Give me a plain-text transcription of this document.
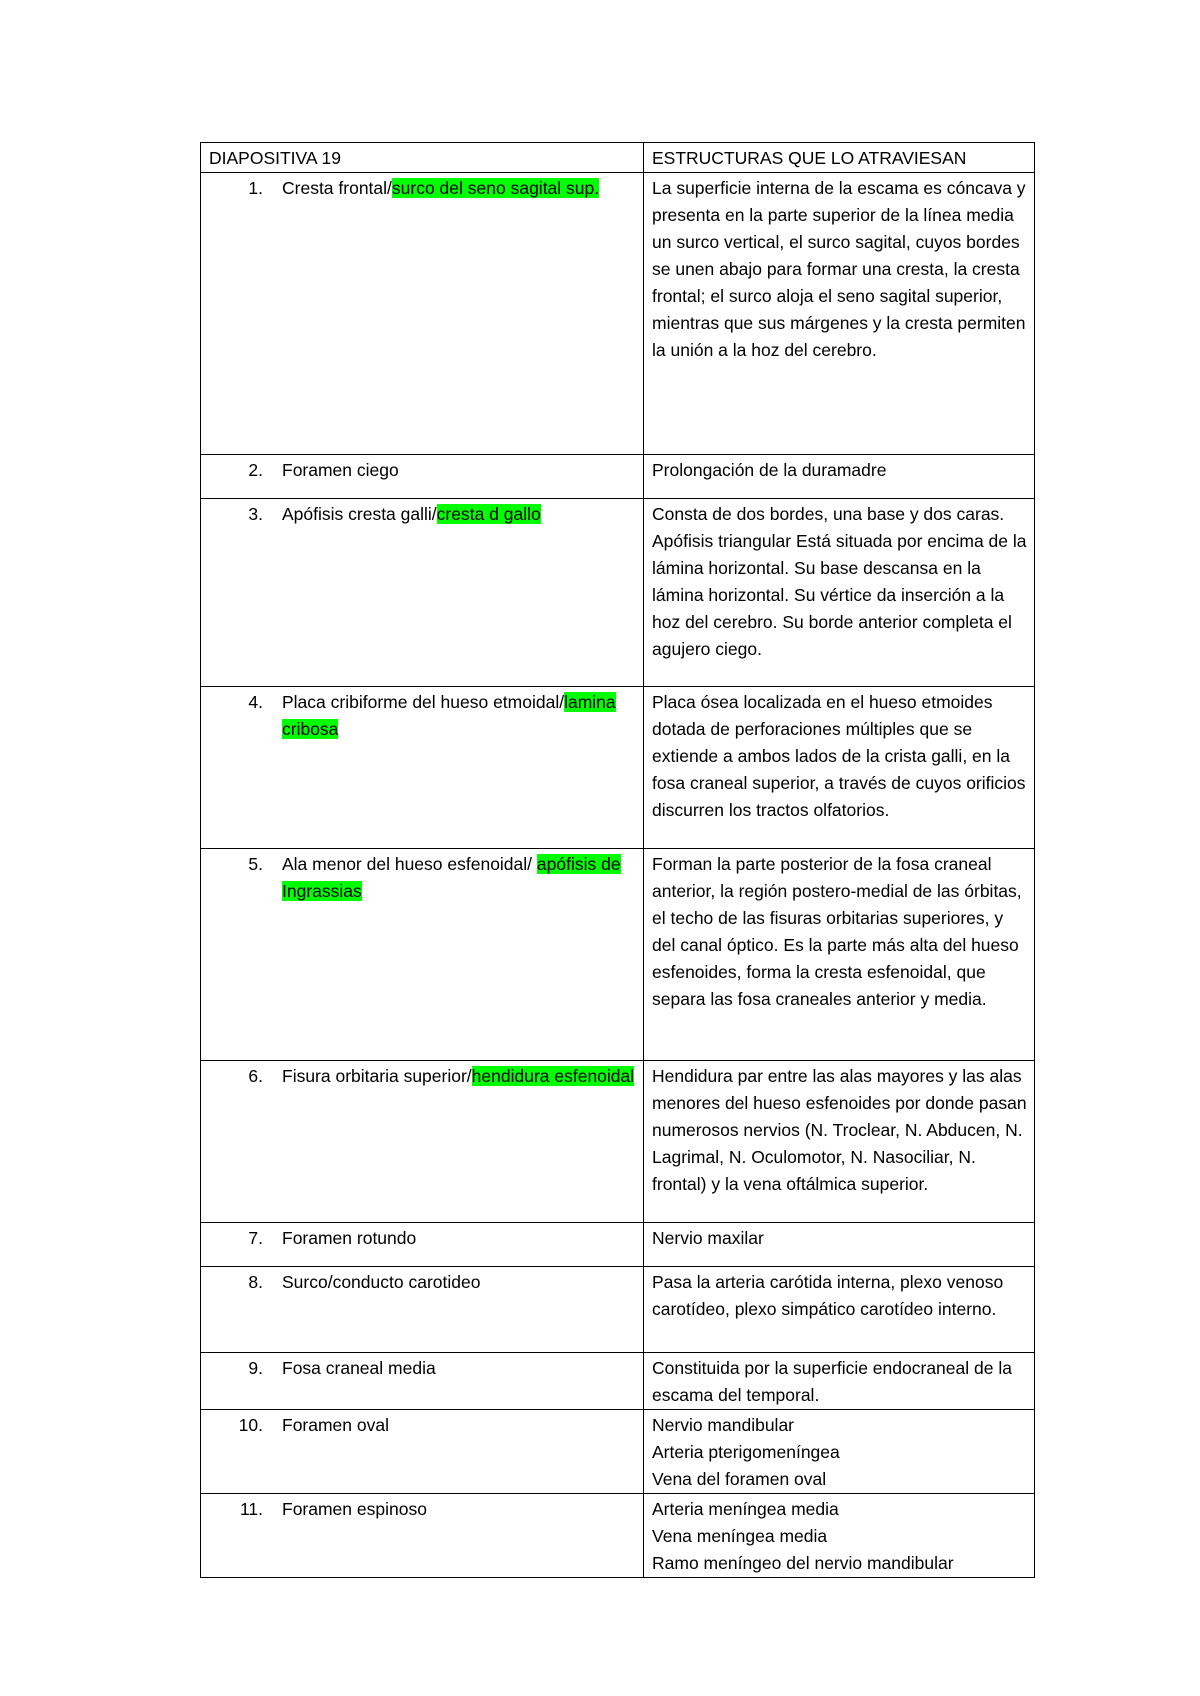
DIAPOSITIVA 19	ESTRUCTURAS QUE LO ATRAVIESAN

1. Cresta frontal/surco del seno sagital sup.	La superficie interna de la escama es cóncava y presenta en la parte superior de la línea media un surco vertical, el surco sagital, cuyos bordes se unen abajo para formar una cresta, la cresta frontal; el surco aloja el seno sagital superior, mientras que sus márgenes y la cresta permiten la unión a la hoz del cerebro.

2. Foramen ciego	Prolongación de la duramadre

3. Apófisis cresta galli/cresta d gallo	Consta de dos bordes, una base y dos caras. Apófisis triangular Está situada por encima de la lámina horizontal. Su base descansa en la lámina horizontal. Su vértice da inserción a la hoz del cerebro. Su borde anterior completa el agujero ciego.

4. Placa cribiforme del hueso etmoidal/lamina cribosa	Placa ósea localizada en el hueso etmoides dotada de perforaciones múltiples que se extiende a ambos lados de la crista galli, en la fosa craneal superior, a través de cuyos orificios discurren los tractos olfatorios.

5. Ala menor del hueso esfenoidal/ apófisis de Ingrassias	Forman la parte posterior de la fosa craneal anterior, la región postero-medial de las órbitas, el techo de las fisuras orbitarias superiores, y del canal óptico. Es la parte más alta del hueso esfenoides, forma la cresta esfenoidal, que separa las fosa craneales anterior y media.

6. Fisura orbitaria superior/hendidura esfenoidal	Hendidura par entre las alas mayores y las alas menores del hueso esfenoides por donde pasan numerosos nervios (N. Troclear, N. Abducen, N. Lagrimal, N. Oculomotor, N. Nasociliar, N. frontal) y la vena oftálmica superior.

7. Foramen rotundo	Nervio maxilar

8. Surco/conducto carotideo	Pasa la arteria carótida interna, plexo venoso carotídeo, plexo simpático carotídeo interno.

9. Fosa craneal media	Constituida por la superficie endocraneal de la escama del temporal.

10. Foramen oval	Nervio mandibular
Arteria pterigomeníngea
Vena del foramen oval

11. Foramen espinoso	Arteria meníngea media
Vena meníngea media
Ramo meníngeo del nervio mandibular
